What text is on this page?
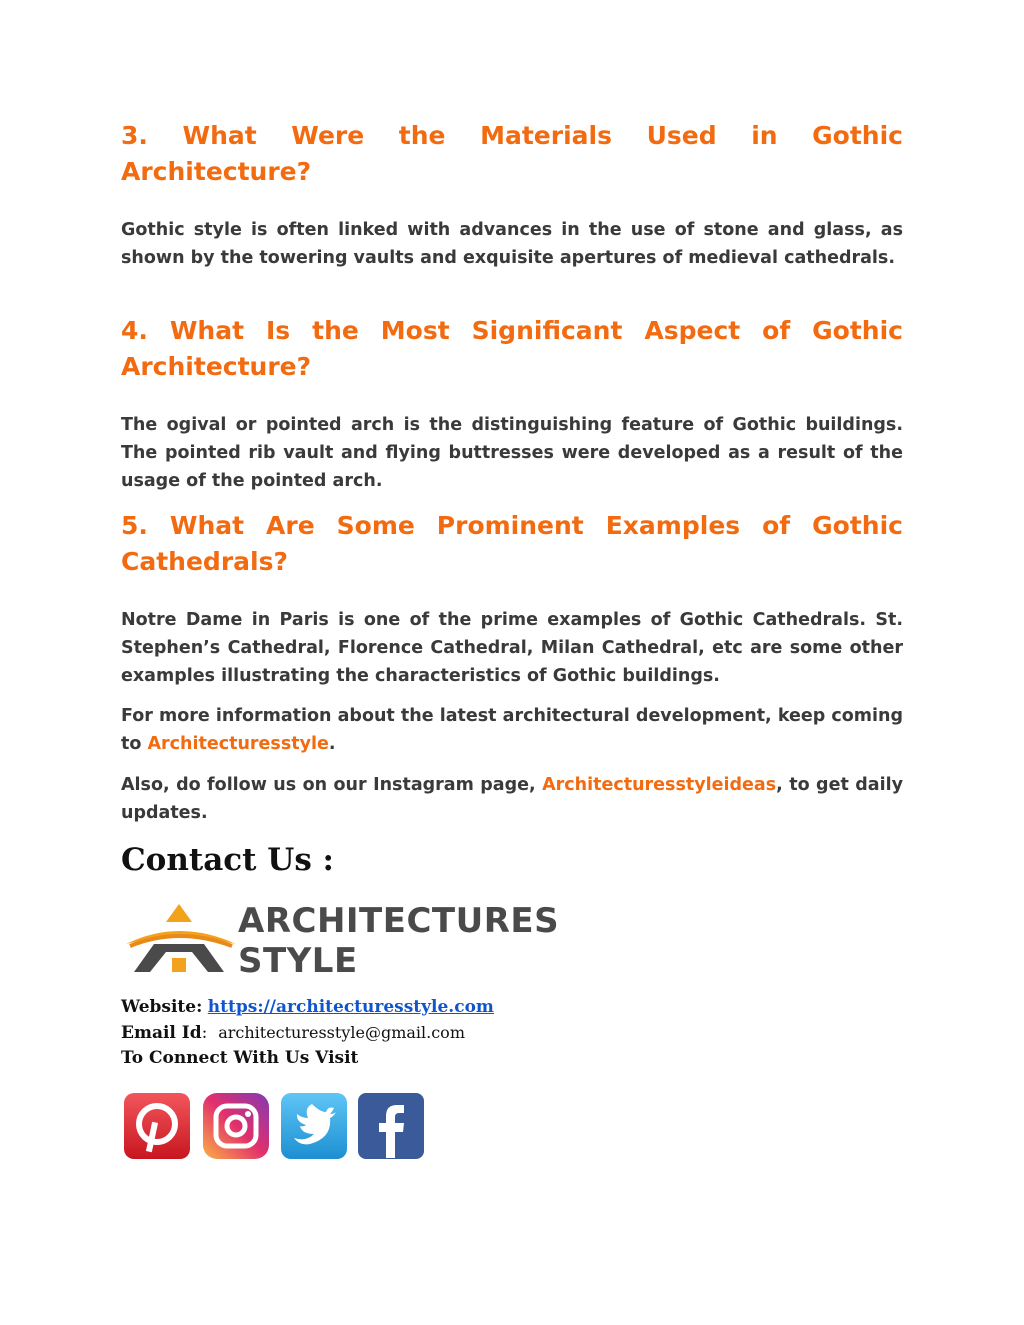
3. What Were the Materials Used in Gothic Architecture?

Gothic style is often linked with advances in the use of stone and glass, as shown by the towering vaults and exquisite apertures of medieval cathedrals.

4. What Is the Most Significant Aspect of Gothic Architecture?

The ogival or pointed arch is the distinguishing feature of Gothic buildings. The pointed rib vault and flying buttresses were developed as a result of the usage of the pointed arch.

5. What Are Some Prominent Examples of Gothic Cathedrals?

Notre Dame in Paris is one of the prime examples of Gothic Cathedrals. St. Stephen’s Cathedral, Florence Cathedral, Milan Cathedral, etc are some other examples illustrating the characteristics of Gothic buildings.

For more information about the latest architectural development, keep coming to Architecturesstyle.

Also, do follow us on our Instagram page, Architecturesstyleideas, to get daily updates.

Contact Us :
ARCHITECTURES
STYLE
Website: https://architecturesstyle.com
Email Id:  architecturesstyle@gmail.com
To Connect With Us Visit
